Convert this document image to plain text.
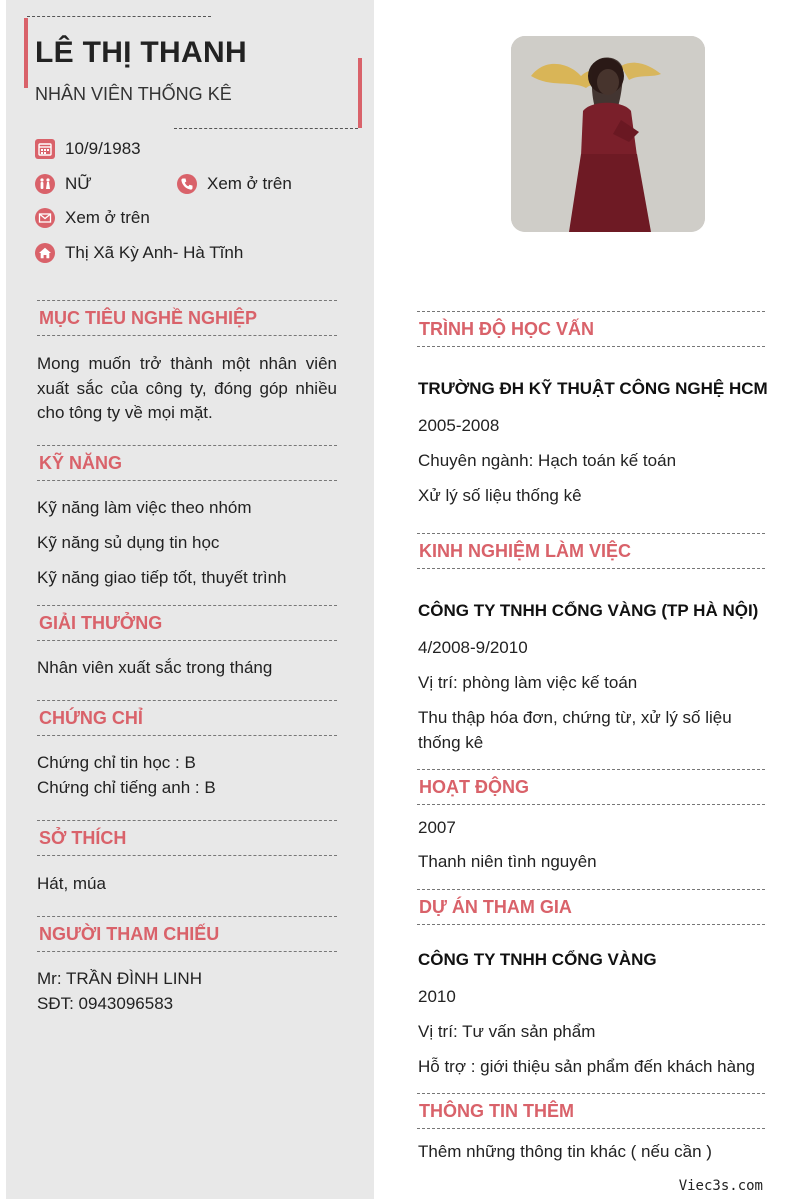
LÊ THỊ THANH
NHÂN VIÊN THỐNG KÊ
10/9/1983
NỮ	Xem ở trên
Xem ở trên
Thị Xã Kỳ Anh- Hà Tĩnh
MỤC TIÊU NGHỀ NGHIỆP
Mong muốn trở thành một nhân viên xuất sắc của công ty, đóng góp nhiều cho tông ty về mọi mặt.
KỸ NĂNG
Kỹ năng làm việc theo nhóm
Kỹ năng sủ dụng tin học
Kỹ năng giao tiếp tốt, thuyết trình
GIẢI THƯỞNG
Nhân viên xuất sắc trong tháng
CHỨNG CHỈ
Chứng chỉ tin học : B
Chứng chỉ tiếng anh : B
SỞ THÍCH
Hát, múa
NGƯỜI THAM CHIẾU
Mr: TRẦN ĐÌNH LINH
SĐT: 0943096583
TRÌNH ĐỘ HỌC VẤN
TRƯỜNG ĐH KỸ THUẬT CÔNG NGHỆ HCM
2005-2008
Chuyên ngành: Hạch toán kế toán
Xử lý số liệu thống kê
KINH NGHIỆM LÀM VIỆC
CÔNG TY TNHH CỔNG VÀNG (TP HÀ NỘI)
4/2008-9/2010
Vị trí: phòng làm việc kế toán
Thu thập hóa đơn, chứng từ, xử lý số liệu thống kê
HOẠT ĐỘNG
2007
Thanh niên tình nguyên
DỰ ÁN THAM GIA
CÔNG TY TNHH CỔNG VÀNG
2010
Vị trí: Tư vấn sản phẩm
Hỗ trợ : giới thiệu sản phẩm đến khách hàng
THÔNG TIN THÊM
Thêm những thông tin khác ( nếu cần )
Viec3s.com
